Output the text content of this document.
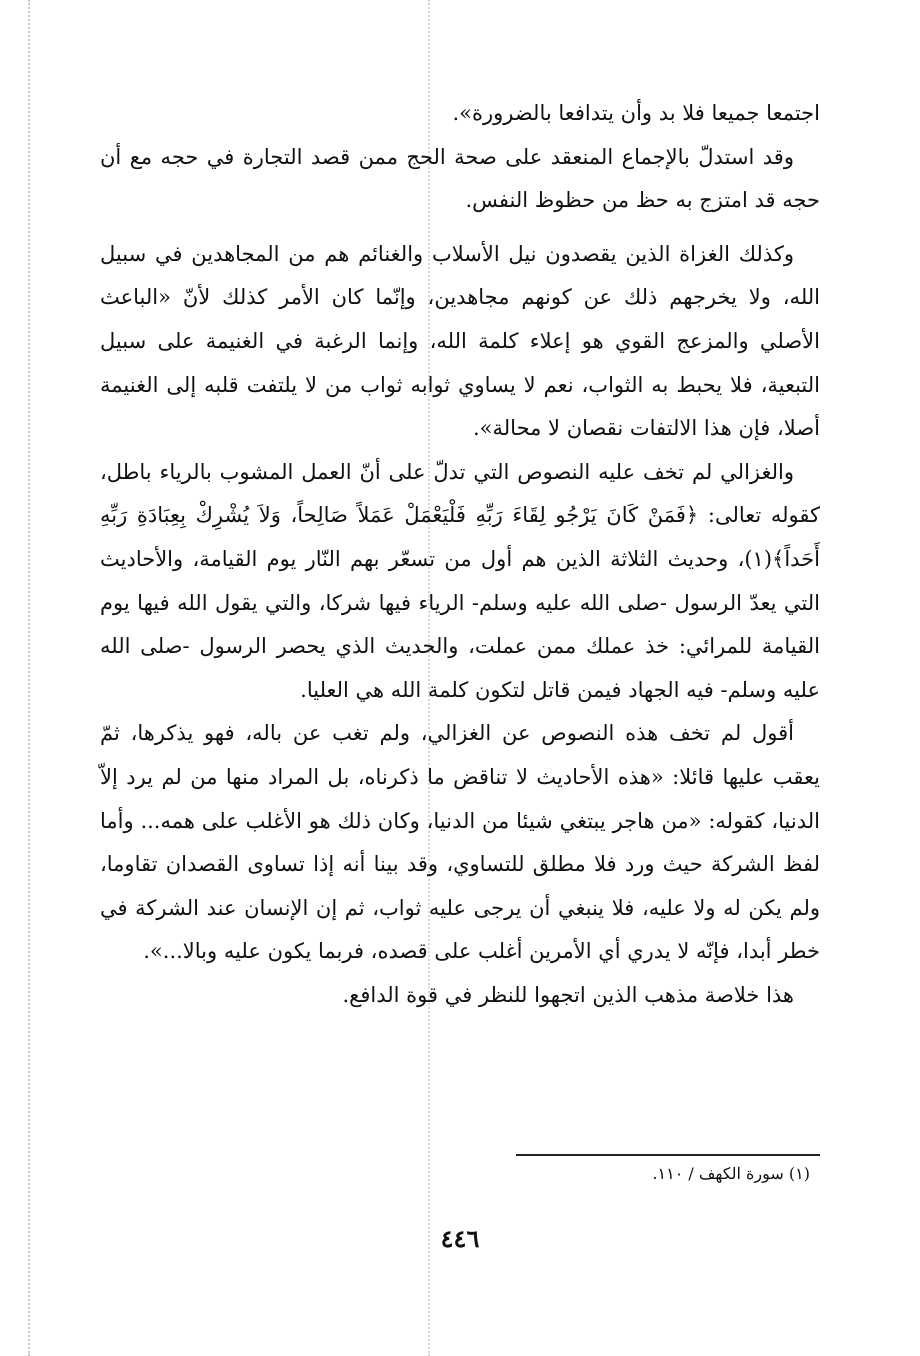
اجتمعا جميعا فلا بد وأن يتدافعا بالضرورة».

وقد استدلّ بالإجماع المنعقد على صحة الحج ممن قصد التجارة في حجه مع أن حجه قد امتزج به حظ من حظوظ النفس.

وكذلك الغزاة الذين يقصدون نيل الأسلاب والغنائم هم من المجاهدين في سبيل الله، ولا يخرجهم ذلك عن كونهم مجاهدين، وإنّما كان الأمر كذلك لأنّ «الباعث الأصلي والمزعج القوي هو إعلاء كلمة الله، وإنما الرغبة في الغنيمة على سبيل التبعية، فلا يحبط به الثواب، نعم لا يساوي ثوابه ثواب من لا يلتفت قلبه إلى الغنيمة أصلا، فإن هذا الالتفات نقصان لا محالة».

والغزالي لم تخف عليه النصوص التي تدلّ على أنّ العمل المشوب بالرياء باطل، كقوله تعالى: ﴿فَمَنْ كَانَ يَرْجُو لِقَاءَ رَبِّهِ فَلْيَعْمَلْ عَمَلاً صَالِحاً، وَلاَ يُشْرِكْ بِعِبَادَةِ رَبِّهِ أَحَداً﴾(١)، وحديث الثلاثة الذين هم أول من تسعّر بهم النّار يوم القيامة، والأحاديث التي يعدّ الرسول -صلى الله عليه وسلم- الرياء فيها شركا، والتي يقول الله فيها يوم القيامة للمرائي: خذ عملك ممن عملت، والحديث الذي يحصر الرسول -صلى الله عليه وسلم- فيه الجهاد فيمن قاتل لتكون كلمة الله هي العليا.

أقول لم تخف هذه النصوص عن الغزالي، ولم تغب عن باله، فهو يذكرها، ثمّ يعقب عليها قائلا: «هذه الأحاديث لا تناقض ما ذكرناه، بل المراد منها من لم يرد إلاّ الدنيا، كقوله: «من هاجر يبتغي شيئا من الدنيا، وكان ذلك هو الأغلب على همه... وأما لفظ الشركة حيث ورد فلا مطلق للتساوي، وقد بينا أنه إذا تساوى القصدان تقاوما، ولم يكن له ولا عليه، فلا ينبغي أن يرجى عليه ثواب، ثم إن الإنسان عند الشركة في خطر أبدا، فإنّه لا يدري أي الأمرين أغلب على قصده، فربما يكون عليه وبالا...».

هذا خلاصة مذهب الذين اتجهوا للنظر في قوة الدافع.

(١) سورة الكهف / ١١٠.
٤٤٦
